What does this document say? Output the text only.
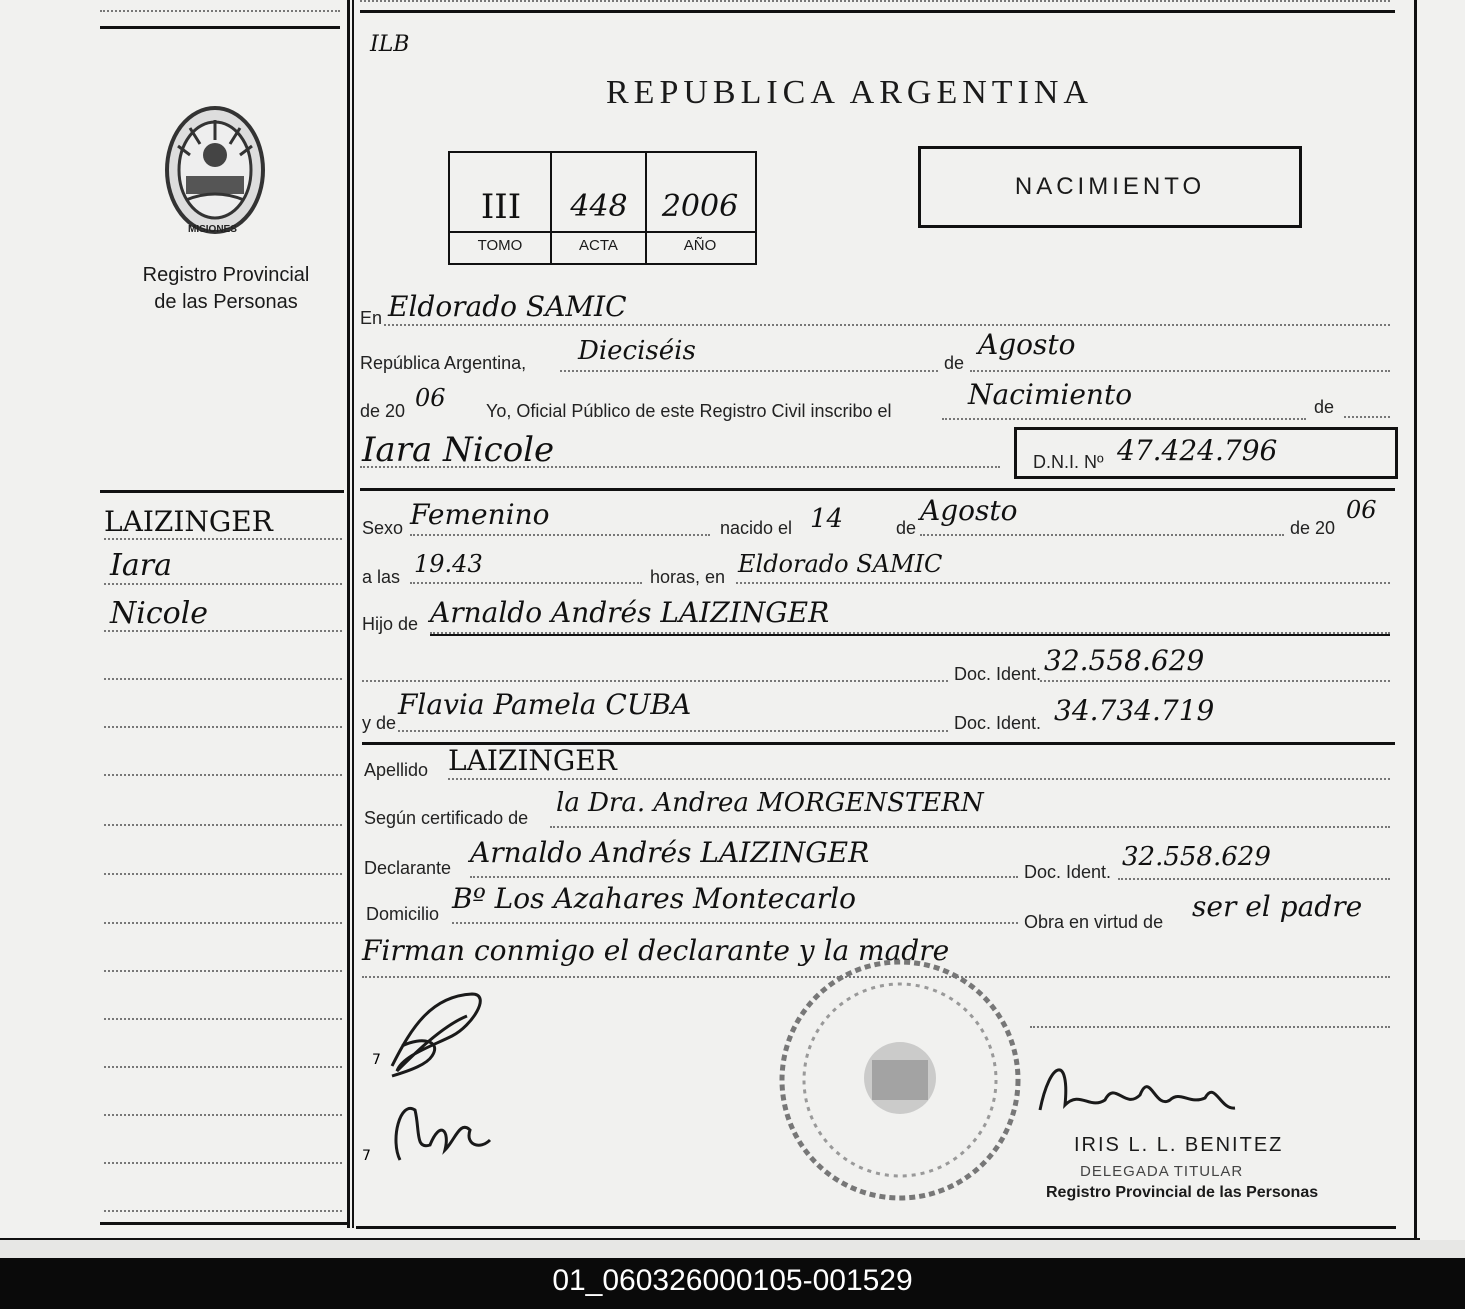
ILB
REPUBLICA ARGENTINA
MISIONES
Registro Provincial
de las Personas
III	448	2006
TOMO	ACTA	AÑO
NACIMIENTO
En Eldorado SAMIC
República Argentina, Dieciséis	de
Agosto
de 20 06 Yo, Oficial Público de este Registro Civil inscribo el	Nacimiento	de
Iara Nicole	D.N.I. Nº 47.424.796
LAIZINGER
Iara
Nicole
Sexo Femenino	nacido el 14	de
Agosto
de 20
06
a las 19.43	horas, en Eldorado SAMIC
Hijo de Arnaldo Andrés LAIZINGER
Doc. Ident. 32.558.629
y de
Flavia Pamela CUBA
Doc. Ident. 34.734.719
Apellido LAIZINGER
Según certificado de la Dra. Andrea MORGENSTERN
Declarante Arnaldo Andrés LAIZINGER
Doc. Ident. 32.558.629
Domicilio Bº Los Azahares Montecarlo
Obra en virtud de ser el padre
Firman conmigo el declarante y la madre
7
7	IRIS L. L. BENITEZ
DELEGADA TITULAR
Registro Provincial de las Personas
01_060326000105-001529
